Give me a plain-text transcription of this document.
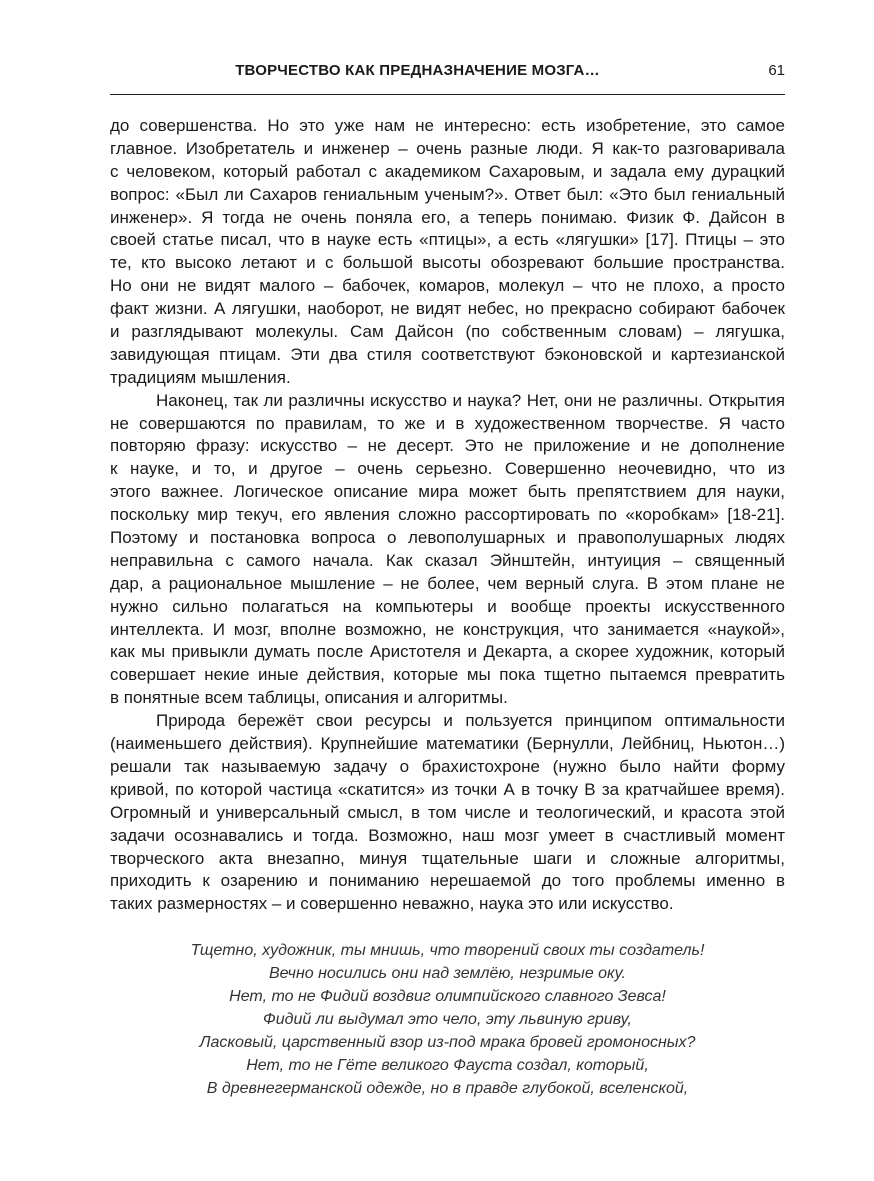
ТВОРЧЕСТВО КАК ПРЕДНАЗНАЧЕНИЕ МОЗГА…	61
до совершенства. Но это уже нам не интересно: есть изобретение, это самое
главное. Изобретатель и инженер – очень разные люди. Я как-то разговаривала
с человеком, который работал с академиком Сахаровым, и задала ему дурацкий
вопрос: «Был ли Сахаров гениальным ученым?». Ответ был: «Это был гениальный
инженер». Я тогда не очень поняла его, а теперь понимаю. Физик Ф. Дайсон в
своей статье писал, что в науке есть «птицы», а есть «лягушки» [17]. Птицы – это
те, кто высоко летают и с большой высоты обозревают большие пространства.
Но они не видят малого – бабочек, комаров, молекул – что не плохо, а просто
факт жизни. А лягушки, наоборот, не видят небес, но прекрасно собирают бабочек
и разглядывают молекулы. Сам Дайсон (по собственным словам) – лягушка,
завидующая птицам. Эти два стиля соответствуют бэконовской и картезианской
традициям мышления.
Наконец, так ли различны искусство и наука? Нет, они не различны. Открытия
не совершаются по правилам, то же и в художественном творчестве. Я часто
повторяю фразу: искусство – не десерт. Это не приложение и не дополнение
к науке, и то, и другое – очень серьезно. Совершенно неочевидно, что из
этого важнее. Логическое описание мира может быть препятствием для науки,
поскольку мир текуч, его явления сложно рассортировать по «коробкам» [18-21].
Поэтому и постановка вопроса о левополушарных и правополушарных людях
неправильна с самого начала. Как сказал Эйнштейн, интуиция – священный
дар, а рациональное мышление – не более, чем верный слуга. В этом плане не
нужно сильно полагаться на компьютеры и вообще проекты искусственного
интеллекта. И мозг, вполне возможно, не конструкция, что занимается «наукой»,
как мы привыкли думать после Аристотеля и Декарта, а скорее художник, который
совершает некие иные действия, которые мы пока тщетно пытаемся превратить
в понятные всем таблицы, описания и алгоритмы.
Природа бережёт свои ресурсы и пользуется принципом оптимальности
(наименьшего действия). Крупнейшие математики (Бернулли, Лейбниц, Ньютон…)
решали так называемую задачу о брахистохроне (нужно было найти форму
кривой, по которой частица «скатится» из точки А в точку В за кратчайшее время).
Огромный и универсальный смысл, в том числе и теологический, и красота этой
задачи осознавались и тогда. Возможно, наш мозг умеет в счастливый момент
творческого акта внезапно, минуя тщательные шаги и сложные алгоритмы,
приходить к озарению и пониманию нерешаемой до того проблемы именно в
таких размерностях – и совершенно неважно, наука это или искусство.
Тщетно, художник, ты мнишь, что творений своих ты создатель!
Вечно носились они над землёю, незримые оку.
Нет, то не Фидий воздвиг олимпийского славного Зевса!
Фидий ли выдумал это чело, эту львиную гриву,
Ласковый, царственный взор из-под мрака бровей громоносных?
Нет, то не Гёте великого Фауста создал, который,
В древнегерманской одежде, но в правде глубокой, вселенской,
